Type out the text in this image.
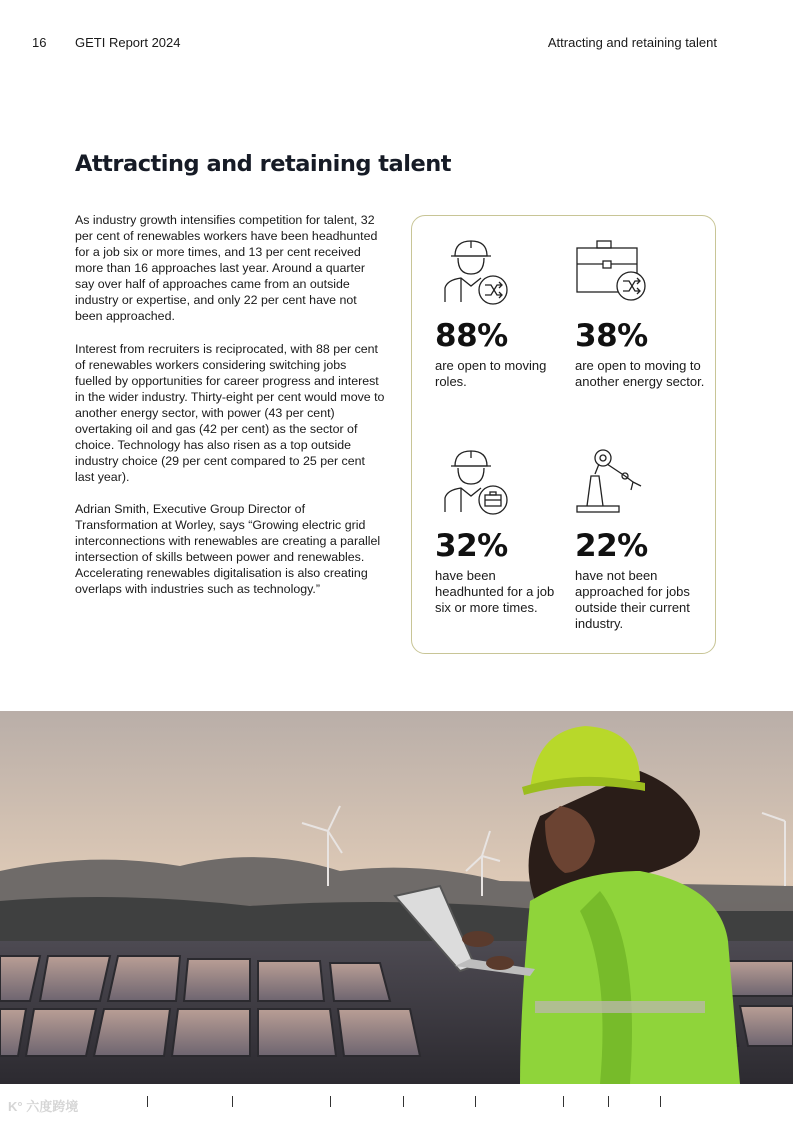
16 GETI Report 2024	Attracting and retaining talent
Attracting and retaining talent

As industry growth intensifies competition for talent, 32 per cent of renewables workers have been headhunted for a job six or more times, and 13 per cent received more than 16 approaches last year. Around a quarter say over half of approaches came from an outside industry or expertise, and only 22 per cent have not been approached.

Interest from recruiters is reciprocated, with 88 per cent of renewables workers considering switching jobs fuelled by opportunities for career progress and interest in the wider industry. Thirty-eight per cent would move to another energy sector, with power (43 per cent) overtaking oil and gas (42 per cent) as the sector of choice. Technology has also risen as a top outside industry choice (29 per cent compared to 25 per cent last year).

Adrian Smith, Executive Group Director of Transformation at Worley, says “Growing electric grid interconnections with renewables are creating a parallel intersection of skills between power and renewables. Accelerating renewables digitalisation is also creating overlaps with industries such as technology.”

88%
are open to moving roles.
38%
are open to moving to another energy sector.
32%
have been headhunted for a job six or more times.
22%
have not been approached for jobs outside their current industry.
K° 六度跨境
